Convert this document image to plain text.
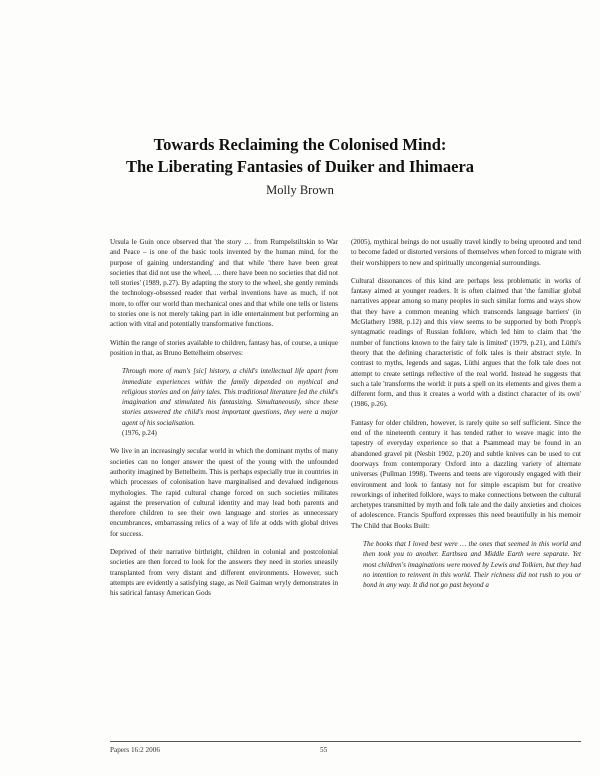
Towards Reclaiming the Colonised Mind:
The Liberating Fantasies of Duiker and Ihimaera
Molly Brown

Ursula le Guin once observed that 'the story … from Rumpelstiltskin to War and Peace – is one of the basic tools invented by the human mind, for the purpose of gaining understanding' and that while 'there have been great societies that did not use the wheel, … there have been no societies that did not tell stories' (1989, p.27). By adapting the story to the wheel, she gently reminds the technology-obsessed reader that verbal inventions have as much, if not more, to offer our world than mechanical ones and that while one tells or listens to stories one is not merely taking part in idle entertainment but performing an action with vital and potentially transformative functions.

Within the range of stories available to children, fantasy has, of course, a unique position in that, as Bruno Bettelheim observes:

Through more of man's [sic] history, a child's intellectual life apart from immediate experiences within the family depended on mythical and religious stories and on fairy tales. This traditional literature fed the child's imagination and stimulated his fantasizing. Simultaneously, since these stories answered the child's most important questions, they were a major agent of his socialisation.
(1976, p.24)

We live in an increasingly secular world in which the dominant myths of many societies can no longer answer the quest of the young with the unfounded authority imagined by Bettelheim. This is perhaps especially true in countries in which processes of colonisation have marginalised and devalued indigenous mythologies. The rapid cultural change forced on such societies militates against the preservation of cultural identity and may lead both parents and therefore children to see their own language and stories as unnecessary encumbrances, embarrassing relics of a way of life at odds with global drives for success.

Deprived of their narrative birthright, children in colonial and postcolonial societies are then forced to look for the answers they need in stories uneasily transplanted from very distant and different environments. However, such attempts are evidently a satisfying stage, as Neil Gaiman wryly demonstrates in his satirical fantasy American Gods

(2005), mythical beings do not usually travel kindly to being uprooted and tend to become faded or distorted versions of themselves when forced to migrate with their worshippers to new and spiritually uncongenial surroundings.

Cultural dissonances of this kind are perhaps less problematic in works of fantasy aimed at younger readers. It is often claimed that 'the familiar global narratives appear among so many peoples in such similar forms and ways show that they have a common meaning which transcends language barriers' (in McGlathery 1988, p.12) and this view seems to be supported by both Propp's syntagmatic readings of Russian folklore, which led him to claim that 'the number of functions known to the fairy tale is limited' (1979, p.21), and Lüthi's theory that the defining characteristic of folk tales is their abstract style. In contrast to myths, legends and sagas, Lüthi argues that the folk tale does not attempt to create settings reflective of the real world. Instead he suggests that such a tale 'transforms the world: it puts a spell on its elements and gives them a different form, and thus it creates a world with a distinct character of its own' (1986, p.26).

Fantasy for older children, however, is rarely quite so self sufficient. Since the end of the nineteenth century it has tended rather to weave magic into the tapestry of everyday experience so that a Psammead may be found in an abandoned gravel pit (Nesbit 1902, p.20) and subtle knives can be used to cut doorways from contemporary Oxford into a dazzling variety of alternate universes (Pullman 1998). Tweens and teens are vigorously engaged with their environment and look to fantasy not for simple escapism but for creative reworkings of inherited folklore, ways to make connections between the cultural archetypes transmitted by myth and folk tale and the daily anxieties and choices of adolescence. Francis Spufford expresses this need beautifully in his memoir The Child that Books Built:

The books that I loved best were … the ones that seemed in this world and then took you to another. Earthsea and Middle Earth were separate. Yet most children's imaginations were moved by Lewis and Tolkien, but they had no intention to reinvent in this world. Their richness did not rush to you or bond in any way. It did not go past beyond a
Papers 16:2 2006	55
